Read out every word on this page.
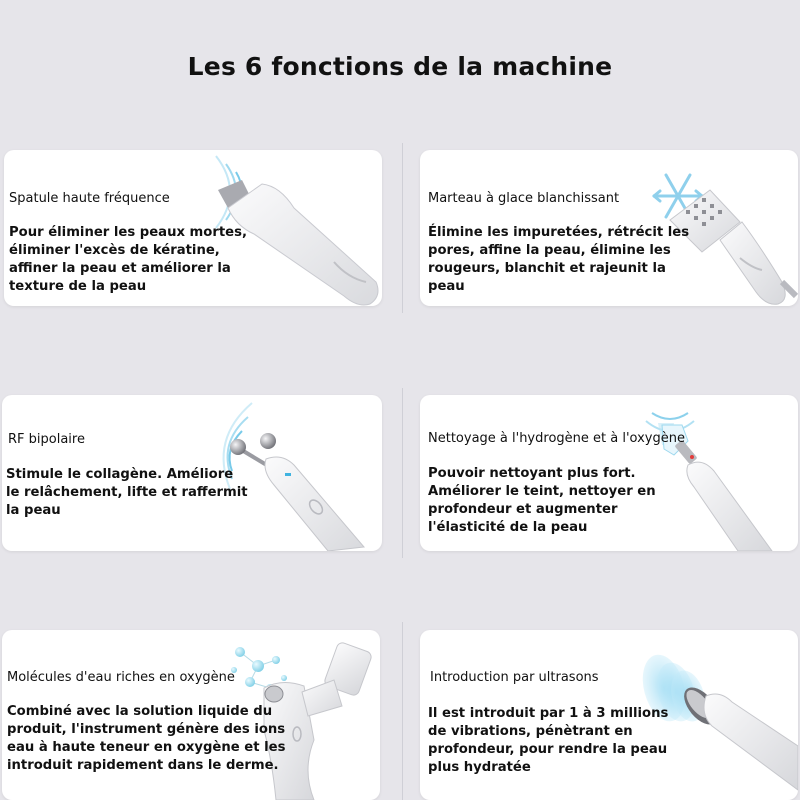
Les 6 fonctions de la machine
Spatule haute fréquence
Pour éliminer les peaux mortes,
éliminer l'excès de kératine,
affiner la peau et améliorer la
texture de la peau
Marteau à glace blanchissant
Élimine les impuretées, rétrécit les
pores, affine la peau, élimine les
rougeurs, blanchit et rajeunit la
peau
RF bipolaire
Stimule le collagène. Améliore
le relâchement, lifte et raffermit
la peau
Nettoyage à l'hydrogène et à l'oxygène
Pouvoir nettoyant plus fort.
Améliorer le teint, nettoyer en
profondeur et augmenter
l'élasticité de la peau
Molécules d'eau riches en oxygène
Combiné avec la solution liquide du
produit, l'instrument génère des ions
eau à haute teneur en oxygène et les
introduit rapidement dans le derme.
Introduction par ultrasons
Il est introduit par 1 à 3 millions
de vibrations, pénètrant en
profondeur, pour rendre la peau
plus hydratée
